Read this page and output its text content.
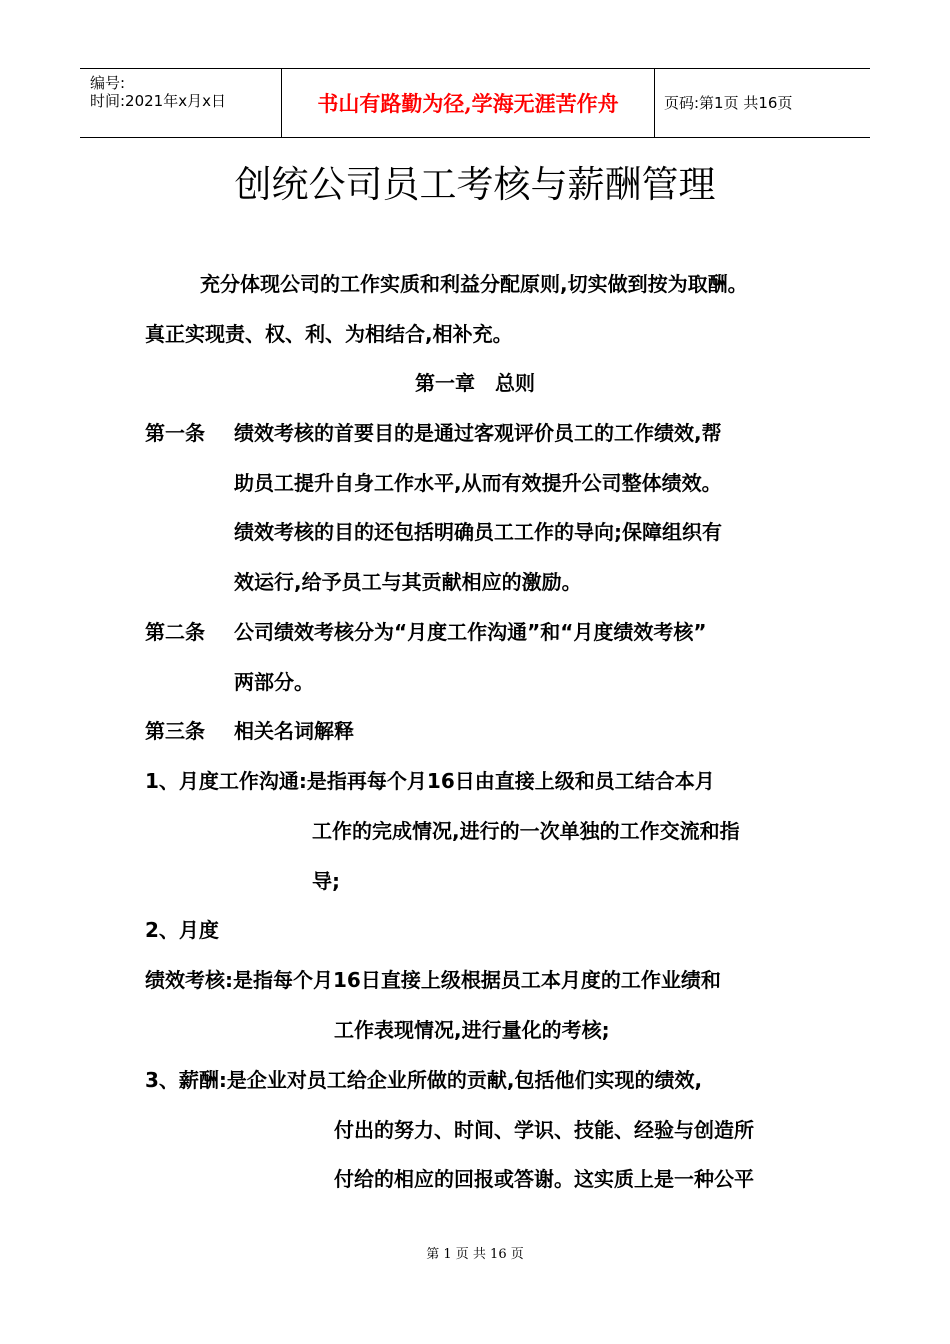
编号:
时间:2021年x月x日	书山有路勤为径,学海无涯苦作舟	页码:第1页 共16页
创统公司员工考核与薪酬管理
充分体现公司的工作实质和利益分配原则,切实做到按为取酬。
真正实现责、权、利、为相结合,相补充。
第一章　总则
第一条 绩效考核的首要目的是通过客观评价员工的工作绩效,帮
助员工提升自身工作水平,从而有效提升公司整体绩效。
绩效考核的目的还包括明确员工工作的导向;保障组织有
效运行,给予员工与其贡献相应的激励。
第二条 公司绩效考核分为“月度工作沟通”和“月度绩效考核”
两部分。
第三条 相关名词解释
1、月度工作沟通:是指再每个月16日由直接上级和员工结合本月
工作的完成情况,进行的一次单独的工作交流和指
导;
2、月度
绩效考核:是指每个月16日直接上级根据员工本月度的工作业绩和
工作表现情况,进行量化的考核;
3、薪酬:是企业对员工给企业所做的贡献,包括他们实现的绩效,
付出的努力、时间、学识、技能、经验与创造所
付给的相应的回报或答谢。这实质上是一种公平
第 1 页 共 16 页
